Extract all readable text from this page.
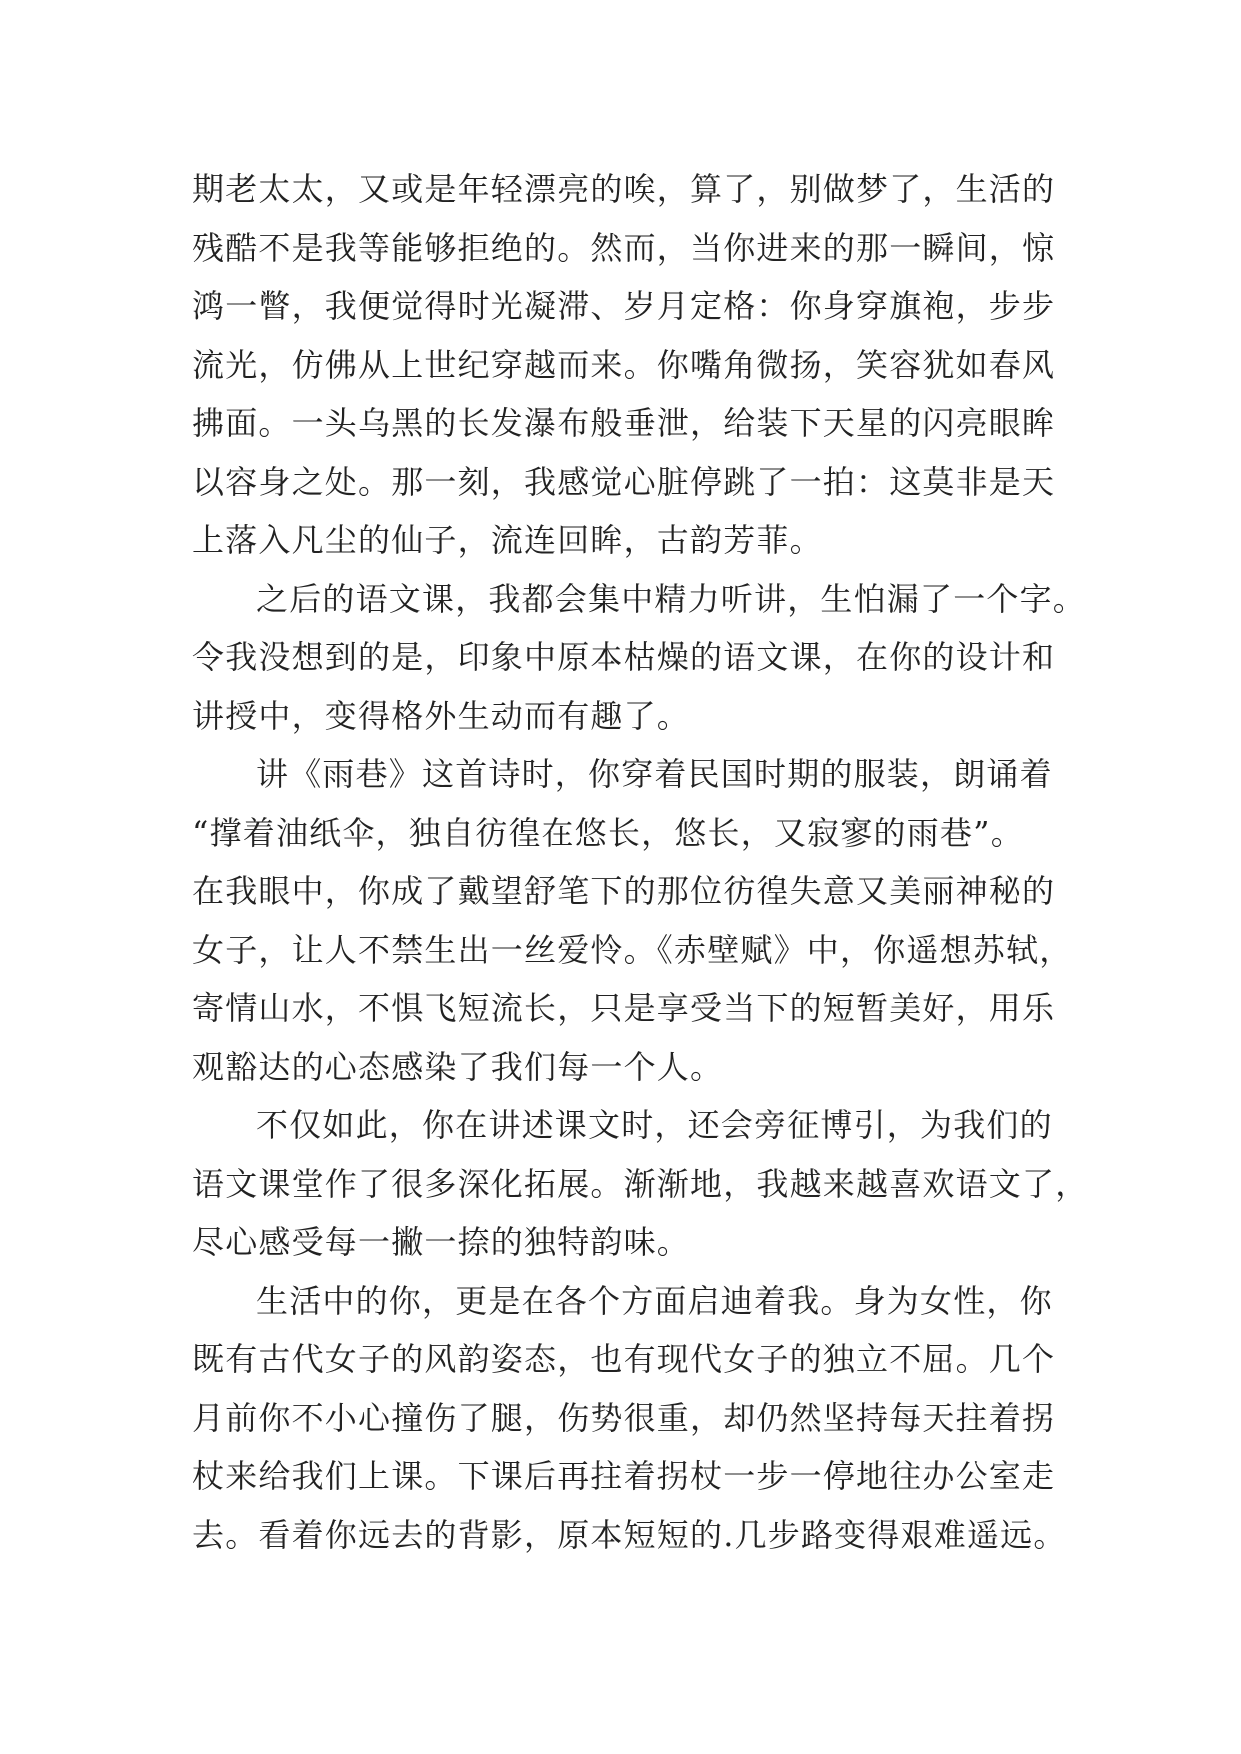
期老太太，又或是年轻漂亮的唉，算了，别做梦了，生活的
残酷不是我等能够拒绝的。然而，当你进来的那一瞬间，惊
鸿一瞥，我便觉得时光凝滞、岁月定格：你身穿旗袍，步步
流光，仿佛从上世纪穿越而来。你嘴角微扬，笑容犹如春风
拂面。一头乌黑的长发瀑布般垂泄，给装下天星的闪亮眼眸
以容身之处。那一刻，我感觉心脏停跳了一拍：这莫非是天
上落入凡尘的仙子，流连回眸，古韵芳菲。
之后的语文课，我都会集中精力听讲，生怕漏了一个字。
令我没想到的是，印象中原本枯燥的语文课，在你的设计和
讲授中，变得格外生动而有趣了。
讲《雨巷》这首诗时，你穿着民国时期的服装，朗诵着
“撑着油纸伞，独自彷徨在悠长，悠长，又寂寥的雨巷”。
在我眼中，你成了戴望舒笔下的那位彷徨失意又美丽神秘的
女子，让人不禁生出一丝爱怜。《赤壁赋》中，你遥想苏轼，
寄情山水，不惧飞短流长，只是享受当下的短暂美好，用乐
观豁达的心态感染了我们每一个人。
不仅如此，你在讲述课文时，还会旁征博引，为我们的
语文课堂作了很多深化拓展。渐渐地，我越来越喜欢语文了，
尽心感受每一撇一捺的独特韵味。
生活中的你，更是在各个方面启迪着我。身为女性，你
既有古代女子的风韵姿态，也有现代女子的独立不屈。几个
月前你不小心撞伤了腿，伤势很重，却仍然坚持每天拄着拐
杖来给我们上课。下课后再拄着拐杖一步一停地往办公室走
去。看着你远去的背影，原本短短的.几步路变得艰难遥远。
